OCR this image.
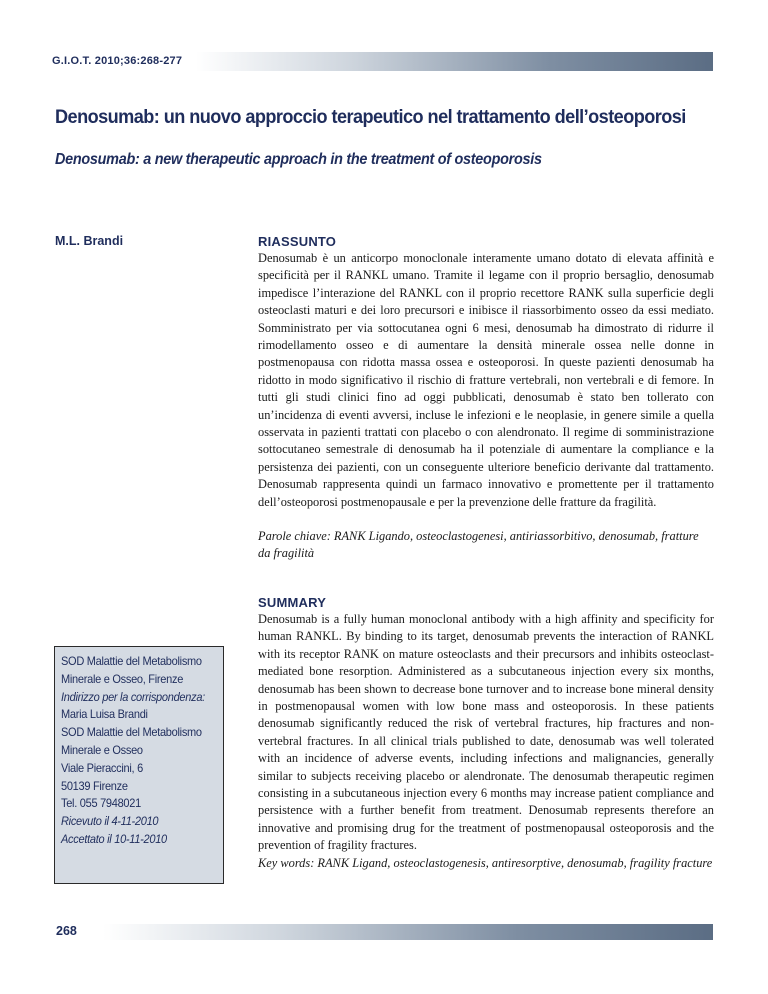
G.I.O.T. 2010;36:268-277
Denosumab: un nuovo approccio terapeutico nel trattamento dell’osteoporosi
Denosumab: a new therapeutic approach in the treatment of osteoporosis
M.L. Brandi	RIASSUNTO

Denosumab è un anticorpo monoclonale interamente umano dotato di elevata affinità e specificità per il RANKL umano. Tramite il legame con il proprio bersaglio, denosumab impedisce l’interazione del RANKL con il proprio recettore RANK sulla superficie degli osteoclasti maturi e dei loro precursori e inibisce il riassorbimento osseo da essi mediato. Somministrato per via sottocutanea ogni 6 mesi, denosumab ha dimostrato di ridurre il rimodellamento osseo e di aumentare la densità minerale ossea nelle donne in postmenopausa con ridotta massa ossea e osteoporosi. In queste pazienti denosumab ha ridotto in modo significativo il rischio di fratture vertebrali, non vertebrali e di femore. In tutti gli studi clinici fino ad oggi pubblicati, denosumab è stato ben tollerato con un’incidenza di eventi avversi, incluse le infezioni e le neoplasie, in genere simile a quella osservata in pazienti trattati con placebo o con alendronato. Il regime di somministrazione sottocutaneo semestrale di denosumab ha il potenziale di aumentare la compliance e la persistenza dei pazienti, con un conseguente ulteriore beneficio derivante dal trattamento. Denosumab rappresenta quindi un farmaco innovativo e promettente per il trattamento dell’osteoporosi postmenopausale e per la prevenzione delle fratture da fragilità.

Parole chiave: RANK Ligando, osteoclastogenesi, antiriassorbitivo, denosumab, fratture da fragilità

SUMMARY

Denosumab is a fully human monoclonal antibody with a high affinity and specificity for human RANKL. By binding to its target, denosumab prevents the interaction of RANKL with its receptor RANK on mature osteoclasts and their precursors and inhibits osteoclast-mediated bone resorption. Administered as a subcutaneous injection every six months, denosumab has been shown to decrease bone turnover and to increase bone mineral density in postmenopausal women with low bone mass and osteoporosis. In these patients denosumab significantly reduced the risk of vertebral fractures, hip fractures and non-vertebral fractures. In all clinical trials published to date, denosumab was well tolerated with an incidence of adverse events, including infections and malignancies, generally similar to subjects receiving placebo or alendronate. The denosumab therapeutic regimen consisting in a subcutaneous injection every 6 months may increase patient compliance and persistence with a further benefit from treatment. Denosumab represents therefore an innovative and promising drug for the treatment of postmenopausal osteoporosis and the prevention of fragility fractures.

Key words: RANK Ligand, osteoclastogenesis, antiresorptive, denosumab, fragility fracture

SOD Malattie del Metabolismo
Minerale e Osseo, Firenze
Indirizzo per la corrispondenza:
Maria Luisa Brandi
SOD Malattie del Metabolismo
Minerale e Osseo
Viale Pieraccini, 6
50139 Firenze
Tel. 055 7948021
Ricevuto il 4-11-2010
Accettato il 10-11-2010
268
